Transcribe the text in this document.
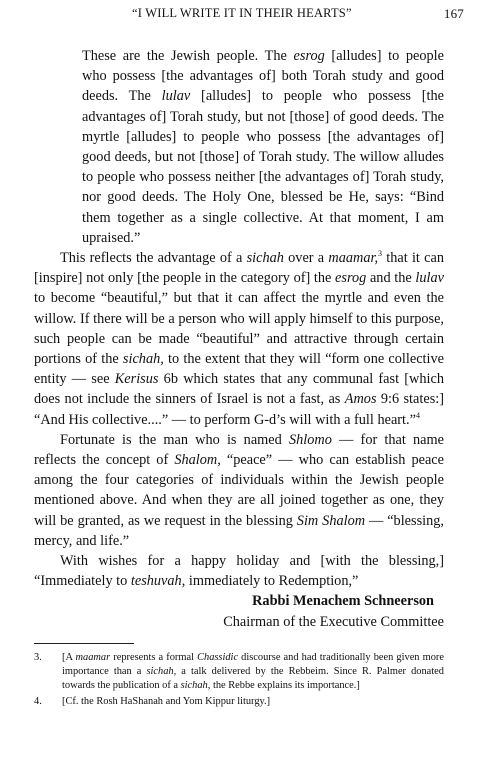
“I WILL WRITE IT IN THEIR HEARTS”	167

These are the Jewish people. The esrog [alludes] to people who possess [the advantages of] both Torah study and good deeds. The lulav [alludes] to people who possess [the advantages of] Torah study, but not [those] of good deeds. The myrtle [alludes] to people who possess [the advantages of] good deeds, but not [those] of Torah study. The willow alludes to people who possess neither [the advantages of] Torah study, nor good deeds. The Holy One, blessed be He, says: “Bind them together as a single collective. At that moment, I am upraised.”

This reflects the advantage of a sichah over a maamar,$^3$ that it can [inspire] not only [the people in the category of] the esrog and the lulav to become “beautiful,” but that it can affect the myrtle and even the willow. If there will be a person who will apply himself to this purpose, such people can be made “beautiful” and attractive through certain portions of the sichah, to the extent that they will “form one collective entity — see Kerisus 6b which states that any communal fast [which does not include the sinners of Israel is not a fast, as Amos 9:6 states:] “And His collective....” — to perform G-d’s will with a full heart.”$^4$

Fortunate is the man who is named Shlomo — for that name reflects the concept of Shalom, “peace” — who can establish peace among the four categories of individuals within the Jewish people mentioned above. And when they are all joined together as one, they will be granted, as we request in the blessing Sim Shalom — “blessing, mercy, and life.”

With wishes for a happy holiday and [with the blessing,] “Immediately to teshuvah, immediately to Redemption,”

Rabbi Menachem Schneerson
Chairman of the Executive Committee

3.	[A maamar represents a formal Chassidic discourse and had traditionally been given more importance than a sichah, a talk delivered by the Rebbeim. Since R. Palmer donated towards the publication of a sichah, the Rebbe explains its importance.]
4.	[Cf. the Rosh HaShanah and Yom Kippur liturgy.]
